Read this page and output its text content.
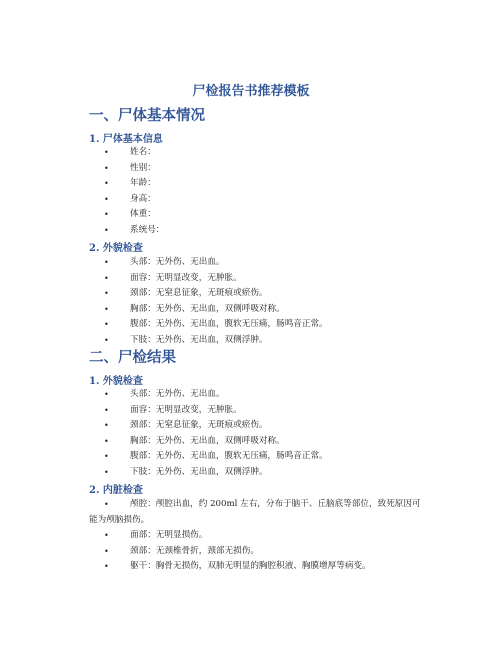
尸检报告书推荐模板
一、尸体基本情况
1. 尸体基本信息
• 姓名：
• 性别：
• 年龄：
• 身高：
• 体重：
• 系统号：
2. 外貌检查
• 头部：无外伤、无出血。
• 面容：无明显改变，无肿胀。
• 颈部：无窒息征象，无斑痕或瘀伤。
• 胸部：无外伤、无出血，双侧呼吸对称。
• 腹部：无外伤、无出血，腹软无压痛，肠鸣音正常。
• 下肢：无外伤、无出血，双侧浮肿。
二、尸检结果
1. 外貌检查
• 头部：无外伤、无出血。
• 面容：无明显改变，无肿胀。
• 颈部：无窒息征象，无斑痕或瘀伤。
• 胸部：无外伤、无出血，双侧呼吸对称。
• 腹部：无外伤、无出血，腹软无压痛，肠鸣音正常。
• 下肢：无外伤、无出血，双侧浮肿。
2. 内脏检查
•	颅腔：颅腔出血，约 200ml 左右，分布于脑干、丘脑底等部位，致死原因可能为颅脑损伤。
• 面部：无明显损伤。
• 颈部：无颈椎骨折，颈部无损伤。
• 躯干：胸骨无损伤，双肺无明显的胸腔积液、胸膜增厚等病变。
